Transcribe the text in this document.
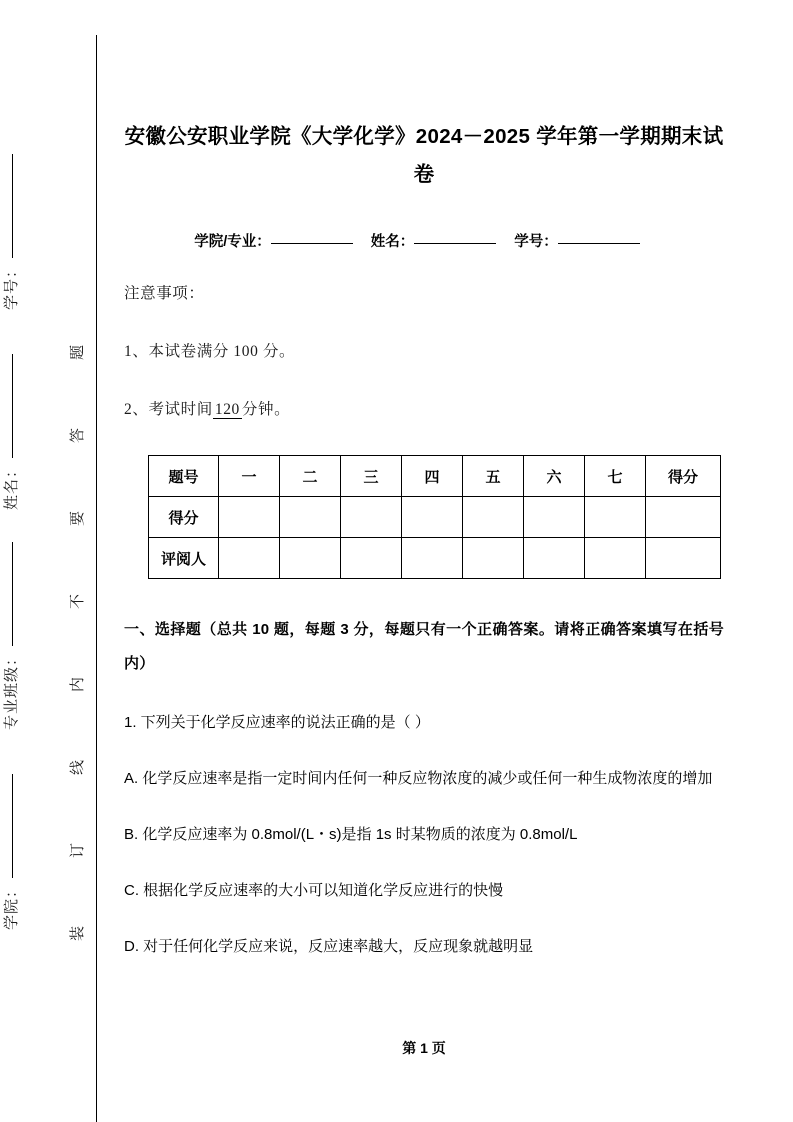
学号：
姓名：
专业班级：
学院：
题
答
要
不
内
线
订
装
安徽公安职业学院《大学化学》2024－2025 学年第一学期期末试卷
学院/专业：	姓名：	学号：
注意事项：
1、本试卷满分 100 分。
2、考试时间 120 分钟。
题号	一	二	三	四	五	六	七	得分
得分								
评阅人								
一、选择题（总共 10 题，每题 3 分，每题只有一个正确答案。请将正确答案填写在括号内）
1. 下列关于化学反应速率的说法正确的是（ ）
A. 化学反应速率是指一定时间内任何一种反应物浓度的减少或任何一种生成物浓度的增加
B. 化学反应速率为 0.8mol/(L・s)是指 1s 时某物质的浓度为 0.8mol/L
C. 根据化学反应速率的大小可以知道化学反应进行的快慢
D. 对于任何化学反应来说，反应速率越大，反应现象就越明显
第 1 页
